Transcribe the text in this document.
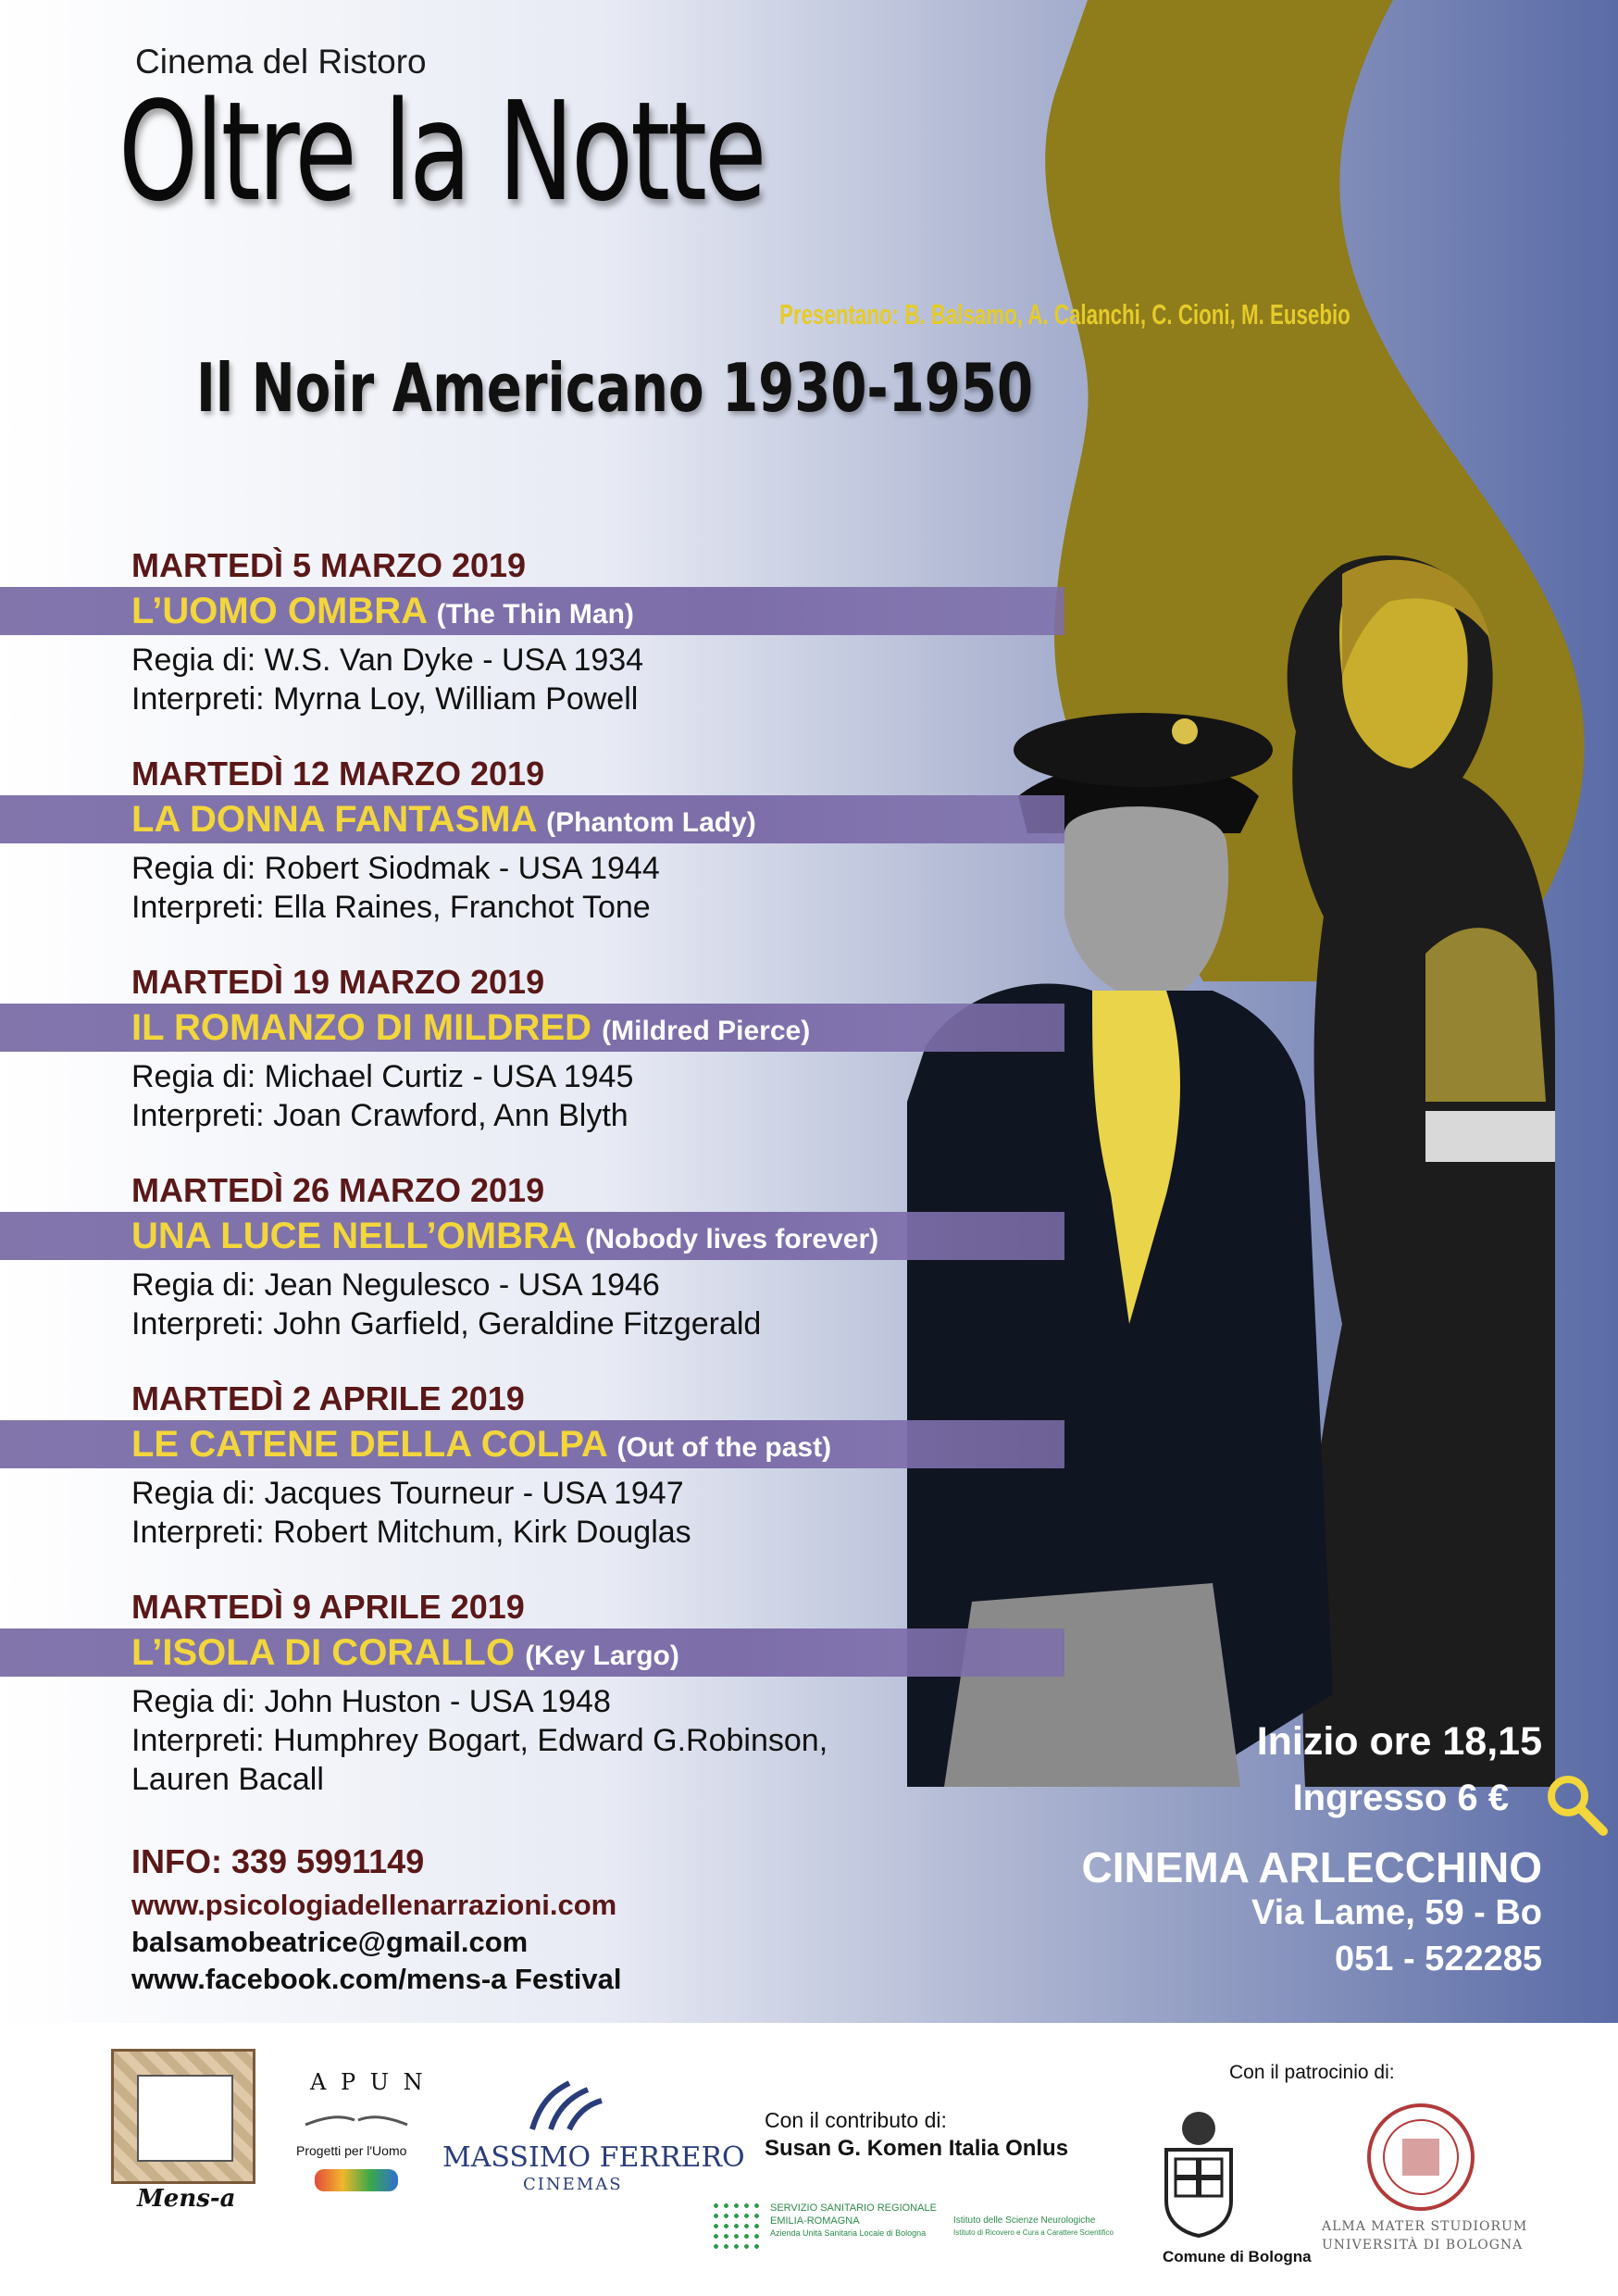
Cinema del Ristoro
Oltre la Notte
Presentano: B. Balsamo, A. Calanchi, C. Cioni, M. Eusebio
Il Noir Americano 1930-1950
MARTEDÌ 5 MARZO 2019
L’UOMO OMBRA (The Thin Man)
Regia di: W.S. Van Dyke - USA 1934
Interpreti: Myrna Loy, William Powell
MARTEDÌ 12 MARZO 2019
LA DONNA FANTASMA (Phantom Lady)
Regia di: Robert Siodmak - USA 1944
Interpreti: Ella Raines, Franchot Tone
MARTEDÌ 19 MARZO 2019
IL ROMANZO DI MILDRED (Mildred Pierce)
Regia di: Michael Curtiz - USA 1945
Interpreti: Joan Crawford, Ann Blyth
MARTEDÌ 26 MARZO 2019
UNA LUCE NELL’OMBRA (Nobody lives forever)
Regia di: Jean Negulesco - USA 1946
Interpreti: John Garfield, Geraldine Fitzgerald
MARTEDÌ 2 APRILE 2019
LE CATENE DELLA COLPA (Out of the past)
Regia di: Jacques Tourneur - USA 1947
Interpreti: Robert Mitchum, Kirk Douglas
MARTEDÌ 9 APRILE 2019
L’ISOLA DI CORALLO (Key Largo)
Regia di: John Huston - USA 1948
Interpreti: Humphrey Bogart, Edward G.Robinson,
Lauren Bacall
INFO: 339 5991149
www.psicologiadellenarrazioni.com
balsamobeatrice@gmail.com
www.facebook.com/mens-a Festival
Inizio ore 18,15
Ingresso 6 €
CINEMA ARLECCHINO
Via Lame, 59 - Bo
051 - 522285
Mens-a
A P U N
Progetti per l'Uomo MASSIMO FERRERO
CINEMAS
Con il contributo di:
Susan G. Komen Italia Onlus
SERVIZIO SANITARIO REGIONALE
EMILIA-ROMAGNA
Azienda Unità Sanitaria Locale di Bologna
Istituto delle Scienze Neurologiche
Istituto di Ricovero e Cura a Carattere Scientifico
Con il patrocinio di:
Comune di Bologna
ALMA MATER STUDIORUM
UNIVERSITÀ DI BOLOGNA
